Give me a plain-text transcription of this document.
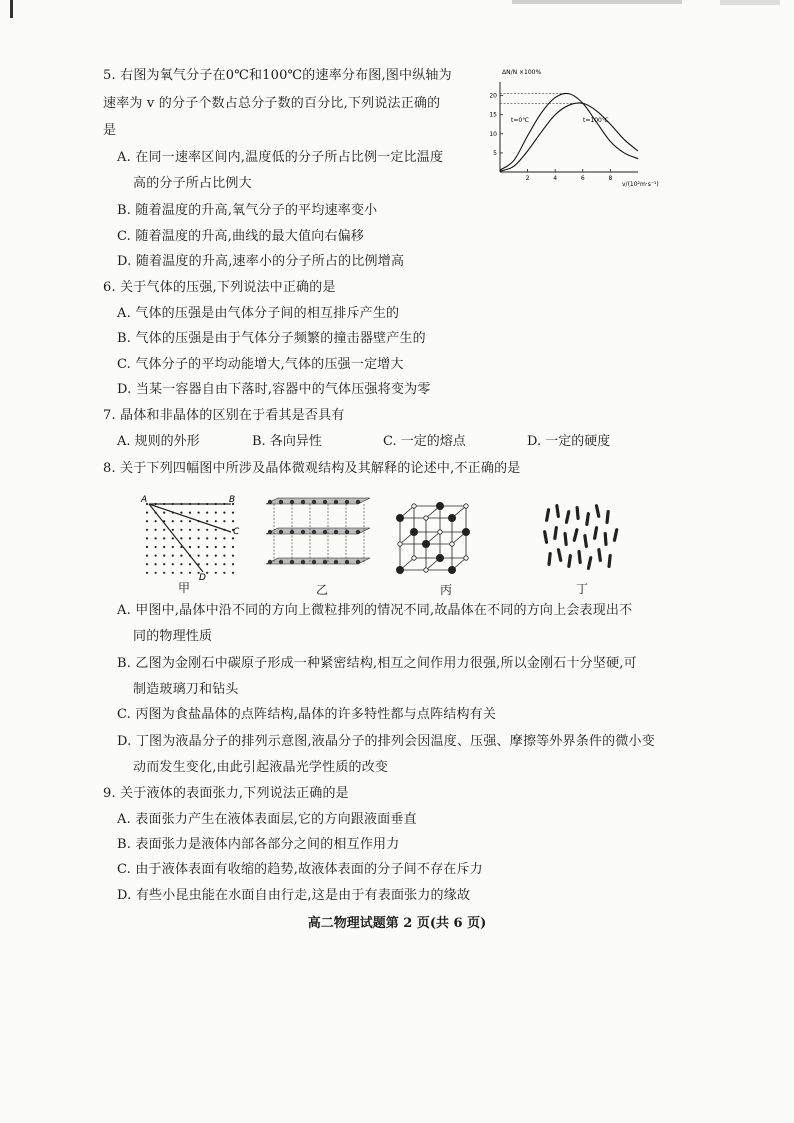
5. 右图为氧气分子在0℃和100℃的速率分布图,图中纵轴为
速率为 v 的分子个数占总分子数的百分比,下列说法正确的
是
A. 在同一速率区间内,温度低的分子所占比例一定比温度
高的分子所占比例大
B. 随着温度的升高,氧气分子的平均速率变小
C. 随着温度的升高,曲线的最大值向右偏移
D. 随着温度的升高,速率小的分子所占的比例增高
20
15
10
5
2	4	6	8
ΔN/N ×100%
v/(10²m·s⁻¹)
t=0℃	t=100℃
6. 关于气体的压强,下列说法中正确的是
A. 气体的压强是由气体分子间的相互排斥产生的
B. 气体的压强是由于气体分子频繁的撞击器壁产生的
C. 气体分子的平均动能增大,气体的压强一定增大
D. 当某一容器自由下落时,容器中的气体压强将变为零
7. 晶体和非晶体的区别在于看其是否具有
A. 规则的外形	B. 各向异性	C. 一定的熔点	D. 一定的硬度
8. 关于下列四幅图中所涉及晶体微观结构及其解释的论述中,不正确的是
A	B
C
D
甲	乙	丙	丁
A. 甲图中,晶体中沿不同的方向上微粒排列的情况不同,故晶体在不同的方向上会表现出不
同的物理性质
B. 乙图为金刚石中碳原子形成一种紧密结构,相互之间作用力很强,所以金刚石十分坚硬,可
制造玻璃刀和钻头
C. 丙图为食盐晶体的点阵结构,晶体的许多特性都与点阵结构有关
D. 丁图为液晶分子的排列示意图,液晶分子的排列会因温度、压强、摩擦等外界条件的微小变
动而发生变化,由此引起液晶光学性质的改变
9. 关于液体的表面张力,下列说法正确的是
A. 表面张力产生在液体表面层,它的方向跟液面垂直
B. 表面张力是液体内部各部分之间的相互作用力
C. 由于液体表面有收缩的趋势,故液体表面的分子间不存在斥力
D. 有些小昆虫能在水面自由行走,这是由于有表面张力的缘故
高二物理试题第 2 页(共 6 页)
